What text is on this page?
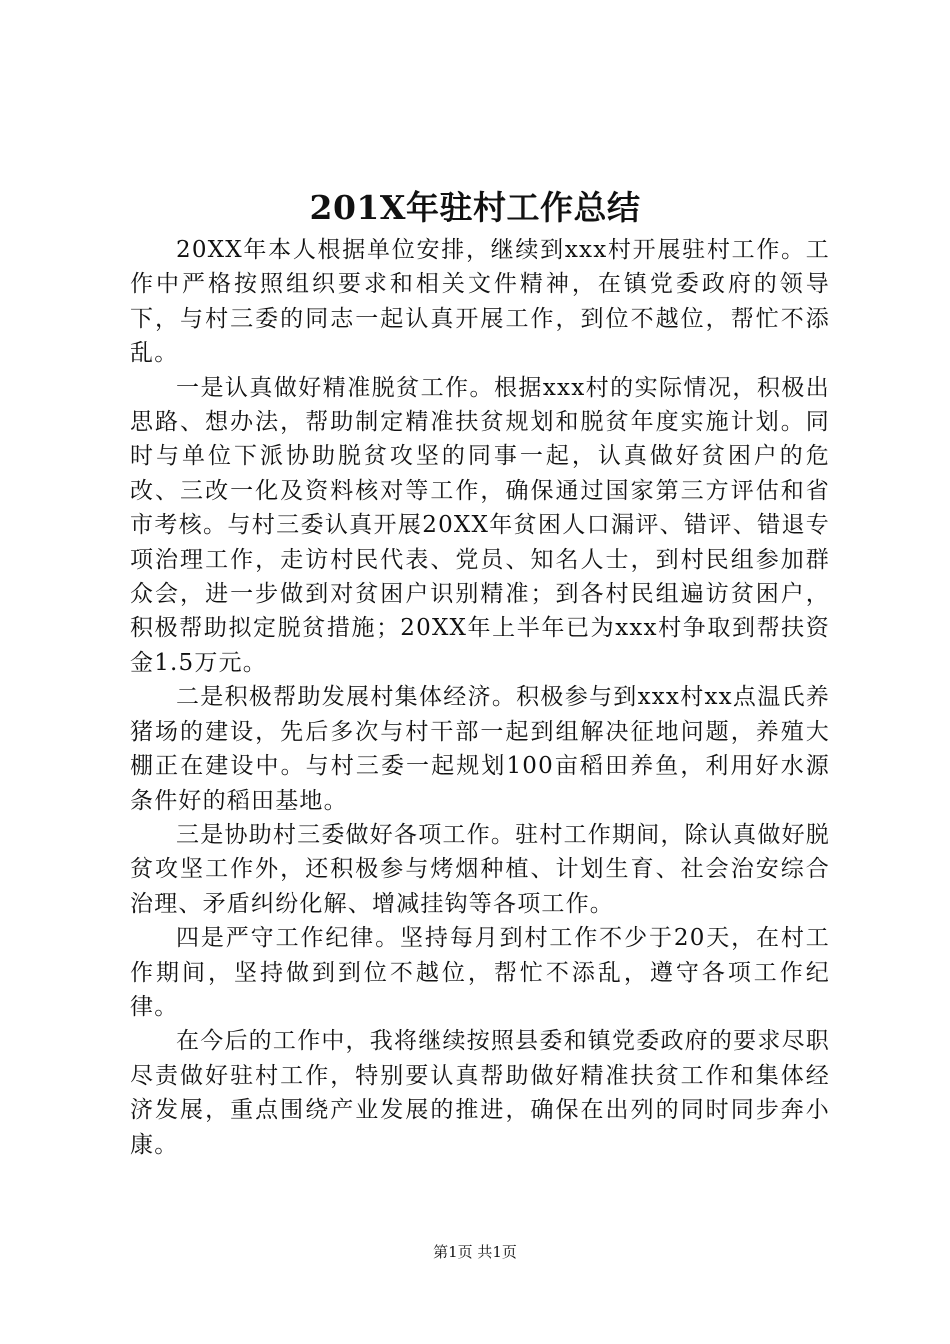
201X年驻村工作总结

20XX年本人根据单位安排，继续到xxx村开展驻村工作。工作中严格按照组织要求和相关文件精神，在镇党委政府的领导下，与村三委的同志一起认真开展工作，到位不越位，帮忙不添乱。

一是认真做好精准脱贫工作。根据xxx村的实际情况，积极出思路、想办法，帮助制定精准扶贫规划和脱贫年度实施计划。同时与单位下派协助脱贫攻坚的同事一起，认真做好贫困户的危改、三改一化及资料核对等工作，确保通过国家第三方评估和省市考核。与村三委认真开展20XX年贫困人口漏评、错评、错退专项治理工作，走访村民代表、党员、知名人士，到村民组参加群众会，进一步做到对贫困户识别精准；到各村民组遍访贫困户，积极帮助拟定脱贫措施；20XX年上半年已为xxx村争取到帮扶资金1.5万元。

二是积极帮助发展村集体经济。积极参与到xxx村xx点温氏养猪场的建设，先后多次与村干部一起到组解决征地问题，养殖大棚正在建设中。与村三委一起规划100亩稻田养鱼，利用好水源条件好的稻田基地。

三是协助村三委做好各项工作。驻村工作期间，除认真做好脱贫攻坚工作外，还积极参与烤烟种植、计划生育、社会治安综合治理、矛盾纠纷化解、增减挂钩等各项工作。

四是严守工作纪律。坚持每月到村工作不少于20天，在村工作期间，坚持做到到位不越位，帮忙不添乱，遵守各项工作纪律。

在今后的工作中，我将继续按照县委和镇党委政府的要求尽职尽责做好驻村工作，特别要认真帮助做好精准扶贫工作和集体经济发展，重点围绕产业发展的推进，确保在出列的同时同步奔小康。

第1页 共1页
